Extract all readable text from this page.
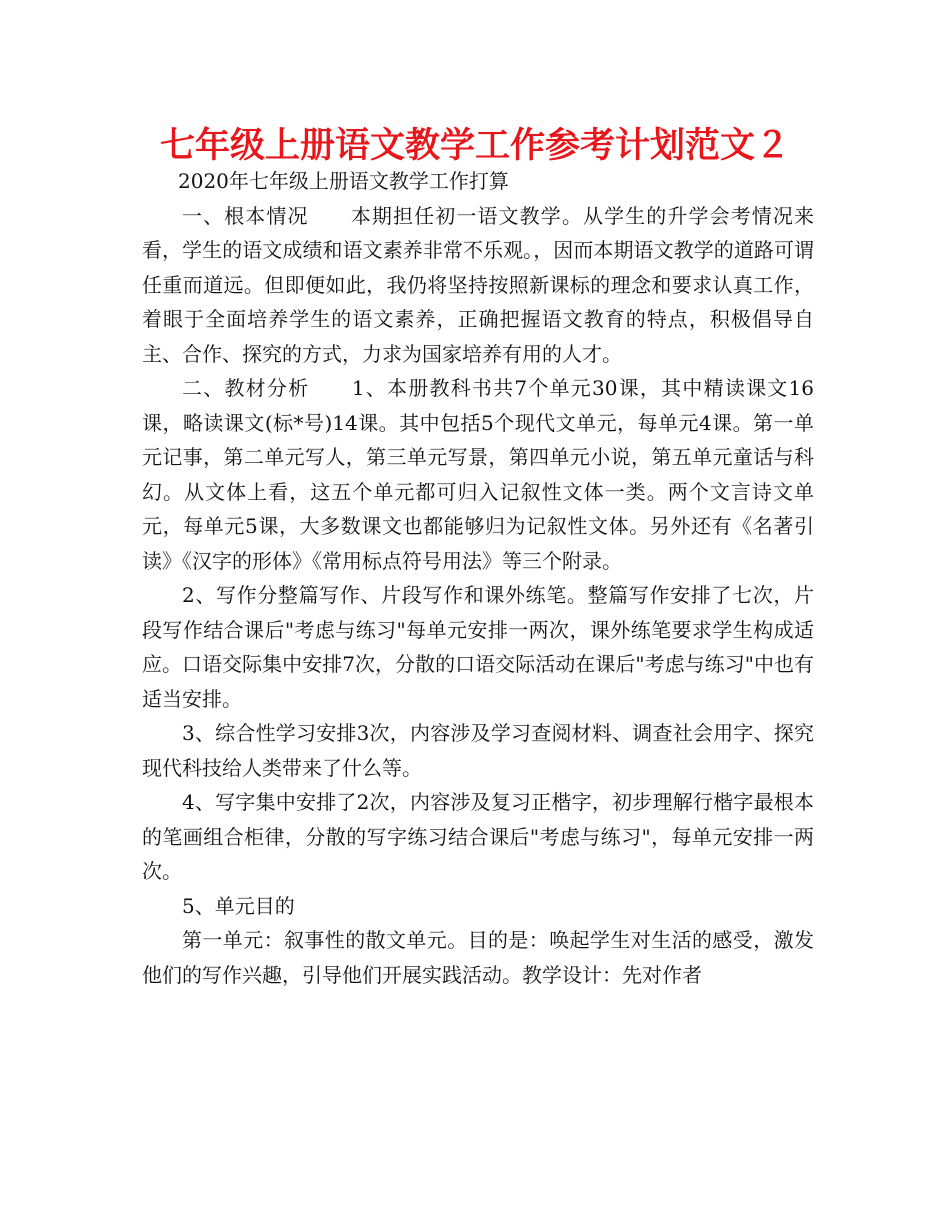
七年级上册语文教学工作参考计划范文２

2020年七年级上册语文教学工作打算

一、根本情况　　本期担任初一语文教学。从学生的升学会考情况来看，学生的语文成绩和语文素养非常不乐观。，因而本期语文教学的道路可谓任重而道远。但即便如此，我仍将坚持按照新课标的理念和要求认真工作，着眼于全面培养学生的语文素养，正确把握语文教育的特点，积极倡导自主、合作、探究的方式，力求为国家培养有用的人才。

二、教材分析　　1、本册教科书共7个单元30课，其中精读课文16课，略读课文(标*号)14课。其中包括5个现代文单元，每单元4课。第一单元记事，第二单元写人，第三单元写景，第四单元小说，第五单元童话与科幻。从文体上看，这五个单元都可归入记叙性文体一类。两个文言诗文单元，每单元5课，大多数课文也都能够归为记叙性文体。另外还有《名著引读》《汉字的形体》《常用标点符号用法》等三个附录。

2、写作分整篇写作、片段写作和课外练笔。整篇写作安排了七次，片段写作结合课后"考虑与练习"每单元安排一两次，课外练笔要求学生构成适应。口语交际集中安排7次，分散的口语交际活动在课后"考虑与练习"中也有适当安排。

3、综合性学习安排3次，内容涉及学习查阅材料、调查社会用字、探究现代科技给人类带来了什么等。

4、写字集中安排了2次，内容涉及复习正楷字，初步理解行楷字最根本的笔画组合柜律，分散的写字练习结合课后"考虑与练习"，每单元安排一两次。

5、单元目的

第一单元：叙事性的散文单元。目的是：唤起学生对生活的感受，激发他们的写作兴趣，引导他们开展实践活动。教学设计：先对作者
